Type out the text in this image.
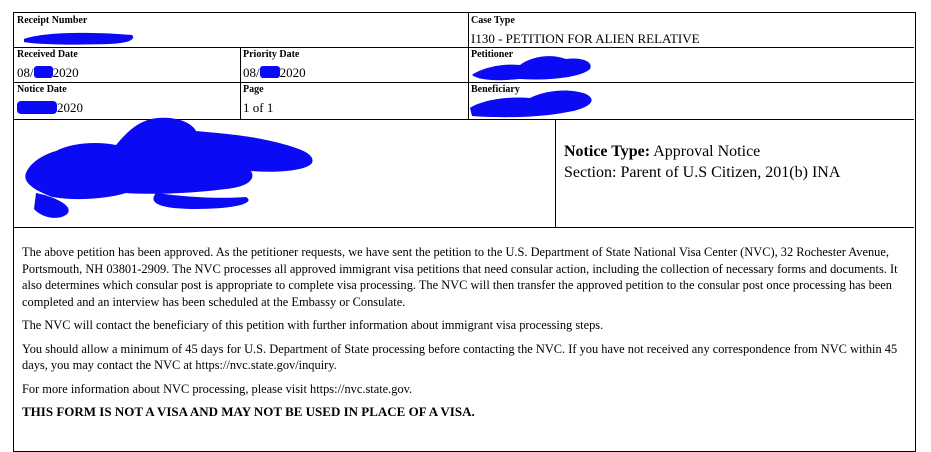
Receipt Number	Case Type
I130 - PETITION FOR ALIEN RELATIVE
Received Date
08/ 2020
Priority Date
08/ 2020
Petitioner
Notice Date
2020
Page
1 of 1
Beneficiary
Notice Type: Approval Notice
Section: Parent of U.S Citizen, 201(b) INA

The above petition has been approved. As the petitioner requests, we have sent the petition to the U.S. Department of State National Visa Center (NVC), 32 Rochester Avenue, Portsmouth, NH 03801-2909. The NVC processes all approved immigrant visa petitions that need consular action, including the collection of necessary forms and documents. It also determines which consular post is appropriate to complete visa processing. The NVC will then transfer the approved petition to the consular post once processing has been completed and an interview has been scheduled at the Embassy or Consulate.

The NVC will contact the beneficiary of this petition with further information about immigrant visa processing steps.

You should allow a minimum of 45 days for U.S. Department of State processing before contacting the NVC. If you have not received any correspondence from NVC within 45 days, you may contact the NVC at https://nvc.state.gov/inquiry.

For more information about NVC processing, please visit https://nvc.state.gov.

THIS FORM IS NOT A VISA AND MAY NOT BE USED IN PLACE OF A VISA.
